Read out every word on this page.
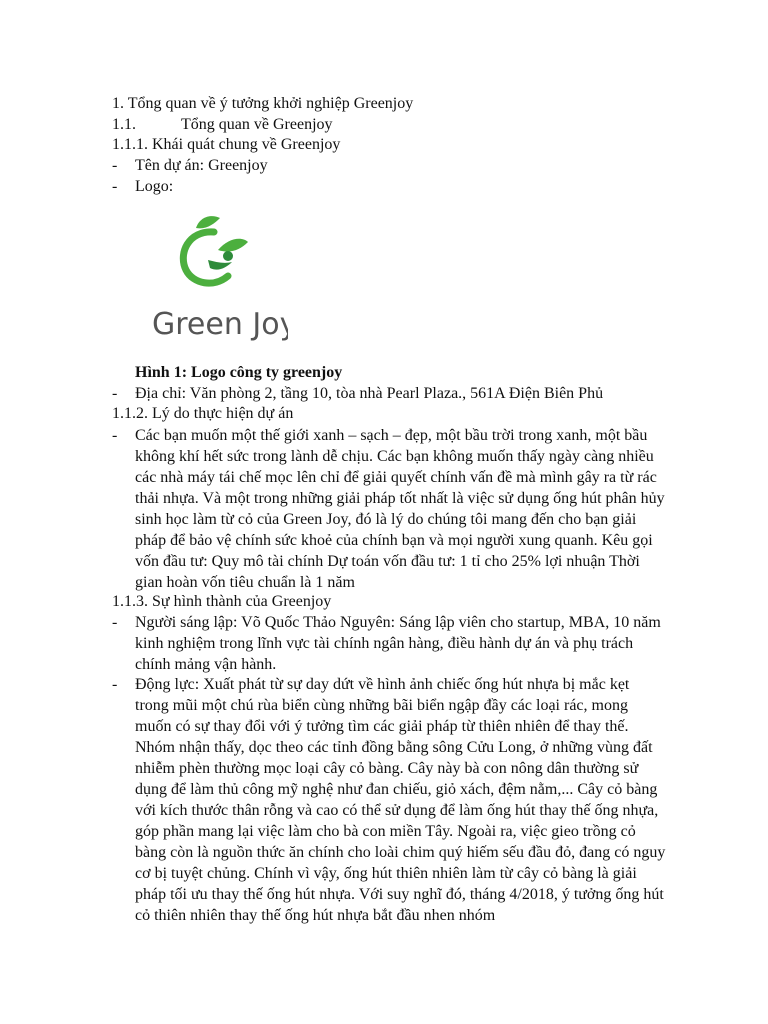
1. Tổng quan về ý tưởng khởi nghiệp Greenjoy
1.1.	Tổng quan về Greenjoy
1.1.1. Khái quát chung về Greenjoy
- Tên dự án: Greenjoy
- Logo:
Green Joy
Hình 1: Logo công ty greenjoy
- Địa chỉ: Văn phòng 2, tầng 10, tòa nhà Pearl Plaza., 561A Điện Biên Phủ
1.1.2. Lý do thực hiện dự án
- Các bạn muốn một thế giới xanh – sạch – đẹp, một bầu trời trong xanh, một bầu
không khí hết sức trong lành dễ chịu. Các bạn không muốn thấy ngày càng nhiều
các nhà máy tái chế mọc lên chỉ để giải quyết chính vấn đề mà mình gây ra từ rác
thải nhựa. Và một trong những giải pháp tốt nhất là việc sử dụng ống hút phân hủy
sinh học làm từ cỏ của Green Joy, đó là lý do chúng tôi mang đến cho bạn giải
pháp để bảo vệ chính sức khoẻ của chính bạn và mọi người xung quanh. Kêu gọi
vốn đầu tư: Quy mô tài chính Dự toán vốn đầu tư: 1 tỉ cho 25% lợi nhuận Thời
gian hoàn vốn tiêu chuẩn là 1 năm
1.1.3. Sự hình thành của Greenjoy
- Người sáng lập: Võ Quốc Thảo Nguyên: Sáng lập viên cho startup, MBA, 10 năm
kinh nghiệm trong lĩnh vực tài chính ngân hàng, điều hành dự án và phụ trách
chính mảng vận hành.
- Động lực: Xuất phát từ sự day dứt về hình ảnh chiếc ống hút nhựa bị mắc kẹt
trong mũi một chú rùa biển cùng những bãi biển ngập đầy các loại rác, mong
muốn có sự thay đổi với ý tưởng tìm các giải pháp từ thiên nhiên để thay thế.
Nhóm nhận thấy, dọc theo các tỉnh đồng bằng sông Cửu Long, ở những vùng đất
nhiễm phèn thường mọc loại cây cỏ bàng. Cây này bà con nông dân thường sử
dụng để làm thủ công mỹ nghệ như đan chiếu, giỏ xách, đệm nằm,... Cây cỏ bàng
với kích thước thân rỗng và cao có thể sử dụng để làm ống hút thay thế ống nhựa,
góp phần mang lại việc làm cho bà con miền Tây. Ngoài ra, việc gieo trồng cỏ
bàng còn là nguồn thức ăn chính cho loài chim quý hiếm sếu đầu đỏ, đang có nguy
cơ bị tuyệt chủng. Chính vì vậy, ống hút thiên nhiên làm từ cây cỏ bàng là giải
pháp tối ưu thay thế ống hút nhựa. Với suy nghĩ đó, tháng 4/2018, ý tưởng ống hút
cỏ thiên nhiên thay thế ống hút nhựa bắt đầu nhen nhóm
